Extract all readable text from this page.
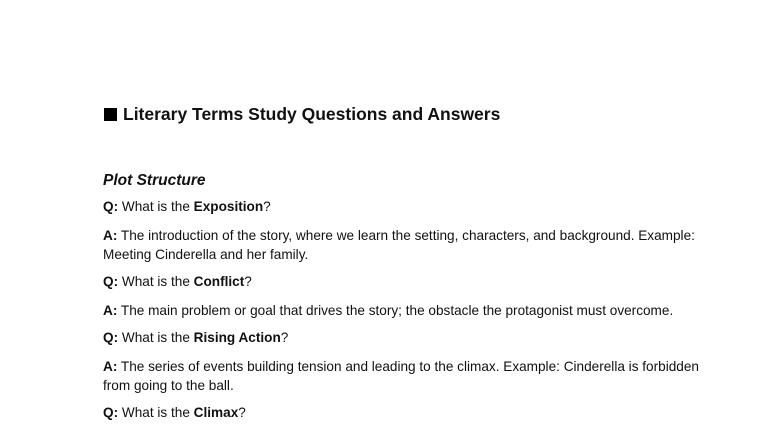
Literary Terms Study Questions and Answers
Plot Structure

Q: What is the Exposition?

A: The introduction of the story, where we learn the setting, characters, and background. Example: Meeting Cinderella and her family.

Q: What is the Conflict?

A: The main problem or goal that drives the story; the obstacle the protagonist must overcome.

Q: What is the Rising Action?

A: The series of events building tension and leading to the climax. Example: Cinderella is forbidden from going to the ball.

Q: What is the Climax?
